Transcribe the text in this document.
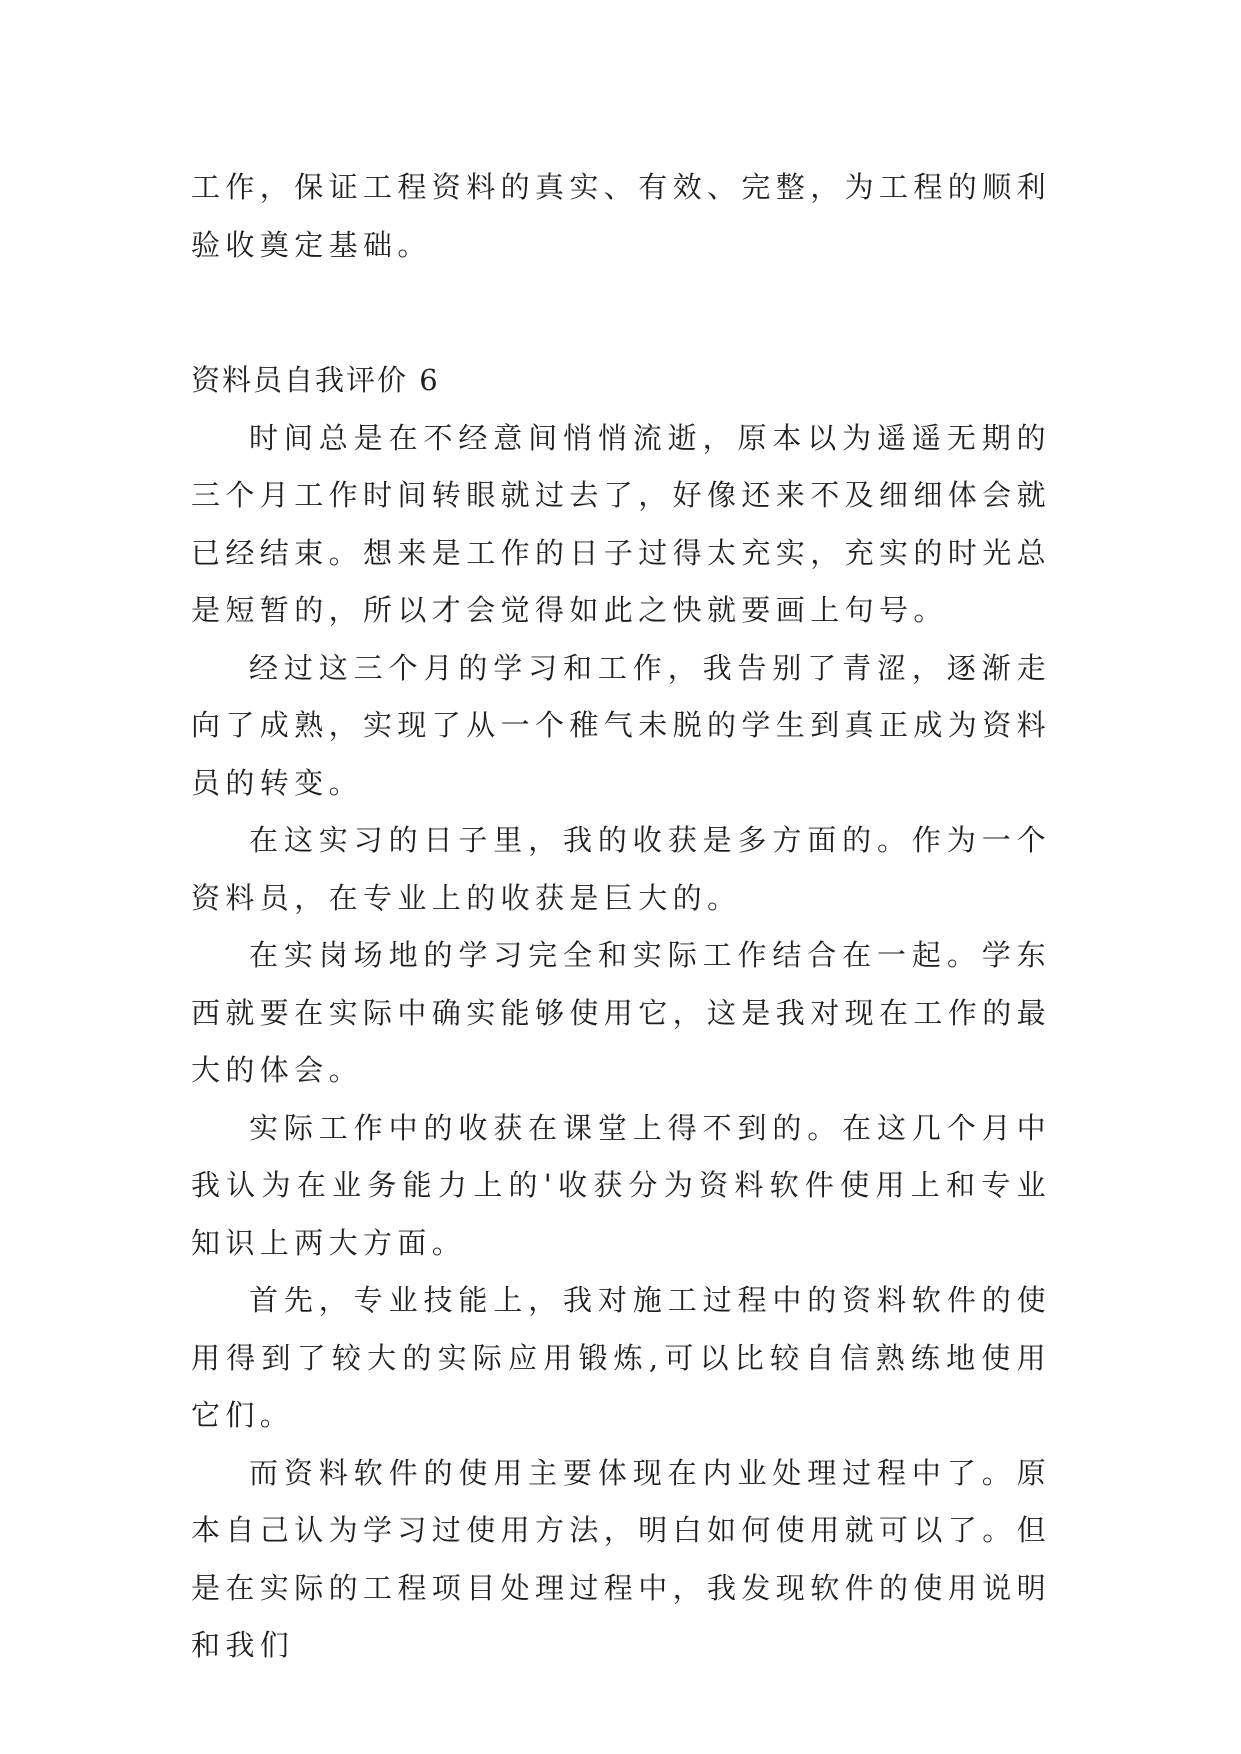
工作，保证工程资料的真实、有效、完整，为工程的顺利验收奠定基础。

资料员自我评价 6

时间总是在不经意间悄悄流逝，原本以为遥遥无期的三个月工作时间转眼就过去了，好像还来不及细细体会就已经结束。想来是工作的日子过得太充实，充实的时光总是短暂的，所以才会觉得如此之快就要画上句号。

经过这三个月的学习和工作，我告别了青涩，逐渐走向了成熟，实现了从一个稚气未脱的学生到真正成为资料员的转变。

在这实习的日子里，我的收获是多方面的。作为一个资料员，在专业上的收获是巨大的。

在实岗场地的学习完全和实际工作结合在一起。学东西就要在实际中确实能够使用它，这是我对现在工作的最大的体会。

实际工作中的收获在课堂上得不到的。在这几个月中我认为在业务能力上的'收获分为资料软件使用上和专业知识上两大方面。

首先，专业技能上，我对施工过程中的资料软件的使用得到了较大的实际应用锻炼,可以比较自信熟练地使用它们。

而资料软件的使用主要体现在内业处理过程中了。原本自己认为学习过使用方法，明白如何使用就可以了。但是在实际的工程项目处理过程中，我发现软件的使用说明和我们
